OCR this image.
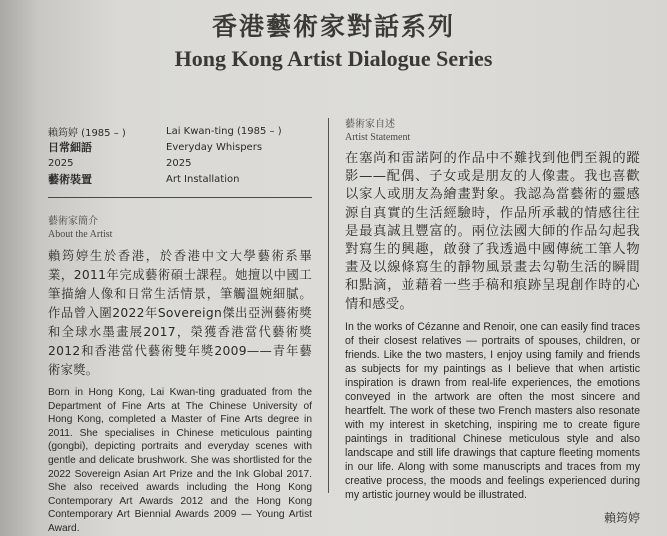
香港藝術家對話系列
Hong Kong Artist Dialogue Series
賴筠婷 (1985 – )	Lai Kwan-ting (1985 – )
日常細語	Everyday Whispers
2025	2025
藝術裝置	Art Installation
藝術家簡介
About the Artist

賴筠婷生於香港，於香港中文大學藝術系畢業，2011年完成藝術碩士課程。她擅以中國工筆描繪人像和日常生活情景，筆觸溫婉細膩。作品曾入圍2022年Sovereign傑出亞洲藝術獎和全球水墨畫展2017，榮獲香港當代藝術獎2012和香港當代藝術雙年獎2009——青年藝術家獎。

Born in Hong Kong, Lai Kwan-ting graduated from the Department of Fine Arts at The Chinese University of Hong Kong, completed a Master of Fine Arts degree in 2011. She specialises in Chinese meticulous painting (gongbi), depicting portraits and everyday scenes with gentle and delicate brushwork. She was shortlisted for the 2022 Sovereign Asian Art Prize and the Ink Global 2017. She also received awards including the Hong Kong Contemporary Art Awards 2012 and the Hong Kong Contemporary Art Biennial Awards 2009 — Young Artist Award.

藝術家自述
Artist Statement

在塞尚和雷諾阿的作品中不難找到他們至親的蹤影——配偶、子女或是朋友的人像畫。我也喜歡以家人或朋友為繪畫對象。我認為當藝術的靈感源自真實的生活經驗時，作品所承載的情感往往是最真誠且豐富的。兩位法國大師的作品勾起我對寫生的興趣，啟發了我透過中國傳統工筆人物畫及以線條寫生的靜物風景畫去勾勒生活的瞬間和點滴，並藉着一些手稿和痕跡呈現創作時的心情和感受。

In the works of Cézanne and Renoir, one can easily find traces of their closest relatives — portraits of spouses, children, or friends. Like the two masters, I enjoy using family and friends as subjects for my paintings as I believe that when artistic inspiration is drawn from real-life experiences, the emotions conveyed in the artwork are often the most sincere and heartfelt. The work of these two French masters also resonate with my interest in sketching, inspiring me to create figure paintings in traditional Chinese meticulous style and also landscape and still life drawings that capture fleeting moments in our life. Along with some manuscripts and traces from my creative process, the moods and feelings experienced during my artistic journey would be illustrated.

賴筠婷
